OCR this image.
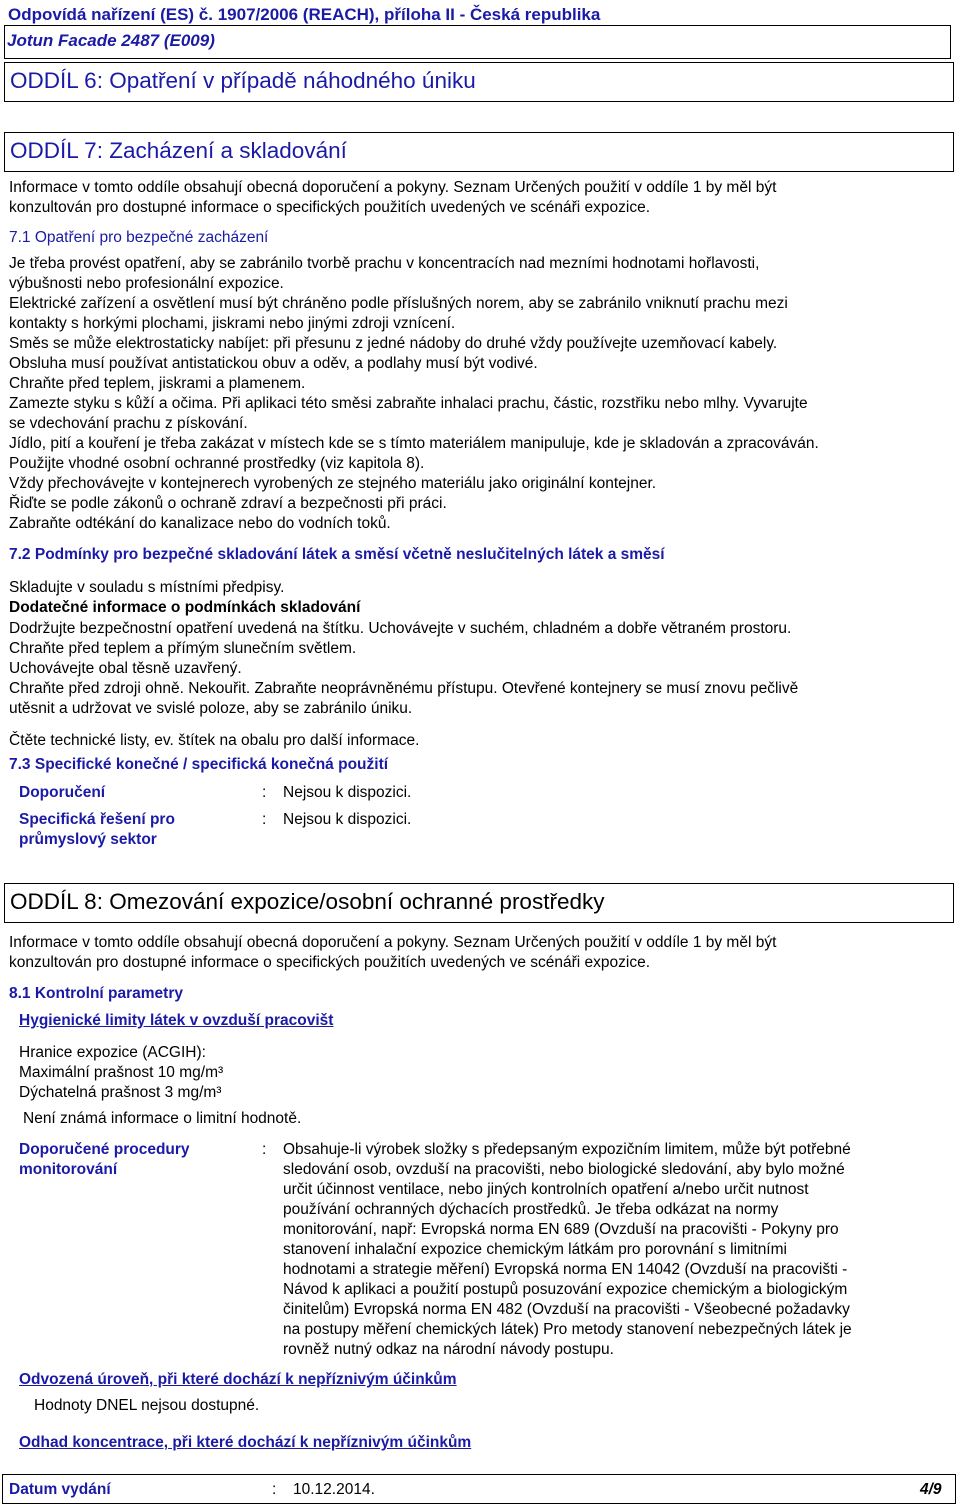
Odpovídá nařízení (ES) č. 1907/2006 (REACH), příloha II - Česká republika
Jotun Facade 2487 (E009)
ODDÍL 6: Opatření v případě náhodného úniku
ODDÍL 7: Zacházení a skladování
Informace v tomto oddíle obsahují obecná doporučení a pokyny. Seznam Určených použití v oddíle 1 by měl být
konzultován pro dostupné informace o specifických použitích uvedených ve scénáři expozice.
7.1 Opatření pro bezpečné zacházení
Je třeba provést opatření, aby se zabránilo tvorbě prachu v koncentracích nad mezními hodnotami hořlavosti,
výbušnosti nebo profesionální expozice.
Elektrické zařízení a osvětlení musí být chráněno podle příslušných norem, aby se zabránilo vniknutí prachu mezi
kontakty s horkými plochami, jiskrami nebo jinými zdroji vznícení.
Směs se může elektrostaticky nabíjet: při přesunu z jedné nádoby do druhé vždy používejte uzemňovací kabely.
Obsluha musí používat antistatickou obuv a oděv, a podlahy musí být vodivé.
Chraňte před teplem, jiskrami a plamenem.
Zamezte styku s kůží a očima. Při aplikaci této směsi zabraňte inhalaci prachu, částic, rozstřiku nebo mlhy. Vyvarujte
se vdechování prachu z pískování.
Jídlo, pití a kouření je třeba zakázat v místech kde se s tímto materiálem manipuluje, kde je skladován a zpracováván.
Použijte vhodné osobní ochranné prostředky (viz kapitola 8).
Vždy přechovávejte v kontejnerech vyrobených ze stejného materiálu jako originální kontejner.
Řiďte se podle zákonů o ochraně zdraví a bezpečnosti při práci.
Zabraňte odtékání do kanalizace nebo do vodních toků.
7.2 Podmínky pro bezpečné skladování látek a směsí včetně neslučitelných látek a směsí
Skladujte v souladu s místními předpisy.
Dodatečné informace o podmínkách skladování
Dodržujte bezpečnostní opatření uvedená na štítku. Uchovávejte v suchém, chladném a dobře větraném prostoru.
Chraňte před teplem a přímým slunečním světlem.
Uchovávejte obal těsně uzavřený.
Chraňte před zdroji ohně. Nekouřit. Zabraňte neoprávněnému přístupu. Otevřené kontejnery se musí znovu pečlivě
utěsnit a udržovat ve svislé poloze, aby se zabránilo úniku.
Čtěte technické listy, ev. štítek na obalu pro další informace.
7.3 Specifické konečné / specifická konečná použití
Doporučení	: Nejsou k dispozici.
Specifická řešení pro průmyslový sektor
: Nejsou k dispozici.
ODDÍL 8: Omezování expozice/osobní ochranné prostředky
Informace v tomto oddíle obsahují obecná doporučení a pokyny. Seznam Určených použití v oddíle 1 by měl být
konzultován pro dostupné informace o specifických použitích uvedených ve scénáři expozice.
8.1 Kontrolní parametry
Hygienické limity látek v ovzduší pracovišt
Hranice expozice (ACGIH):
Maximální prašnost 10 mg/m³
Dýchatelná prašnost 3 mg/m³
Není známá informace o limitní hodnotě.
Doporučené procedury monitorování
: Obsahuje-li výrobek složky s předepsaným expozičním limitem, může být potřebné
sledování osob, ovzduší na pracovišti, nebo biologické sledování, aby bylo možné
určit účinnost ventilace, nebo jiných kontrolních opatření a/nebo určit nutnost
používání ochranných dýchacích prostředků. Je třeba odkázat na normy
monitorování, např: Evropská norma EN 689 (Ovzduší na pracovišti - Pokyny pro
stanovení inhalační expozice chemickým látkám pro porovnání s limitními
hodnotami a strategie měření) Evropská norma EN 14042 (Ovzduší na pracovišti -
Návod k aplikaci a použití postupů posuzování expozice chemickým a biologickým
činitelům) Evropská norma EN 482 (Ovzduší na pracovišti - Všeobecné požadavky
na postupy měření chemických látek) Pro metody stanovení nebezpečných látek je
rovněž nutný odkaz na národní návody postupu.
Odvozená úroveň, při které dochází k nepříznivým účinkům
Hodnoty DNEL nejsou dostupné.
Odhad koncentrace, při které dochází k nepříznivým účinkům
Datum vydání	: 10.12.2014.	4/9
